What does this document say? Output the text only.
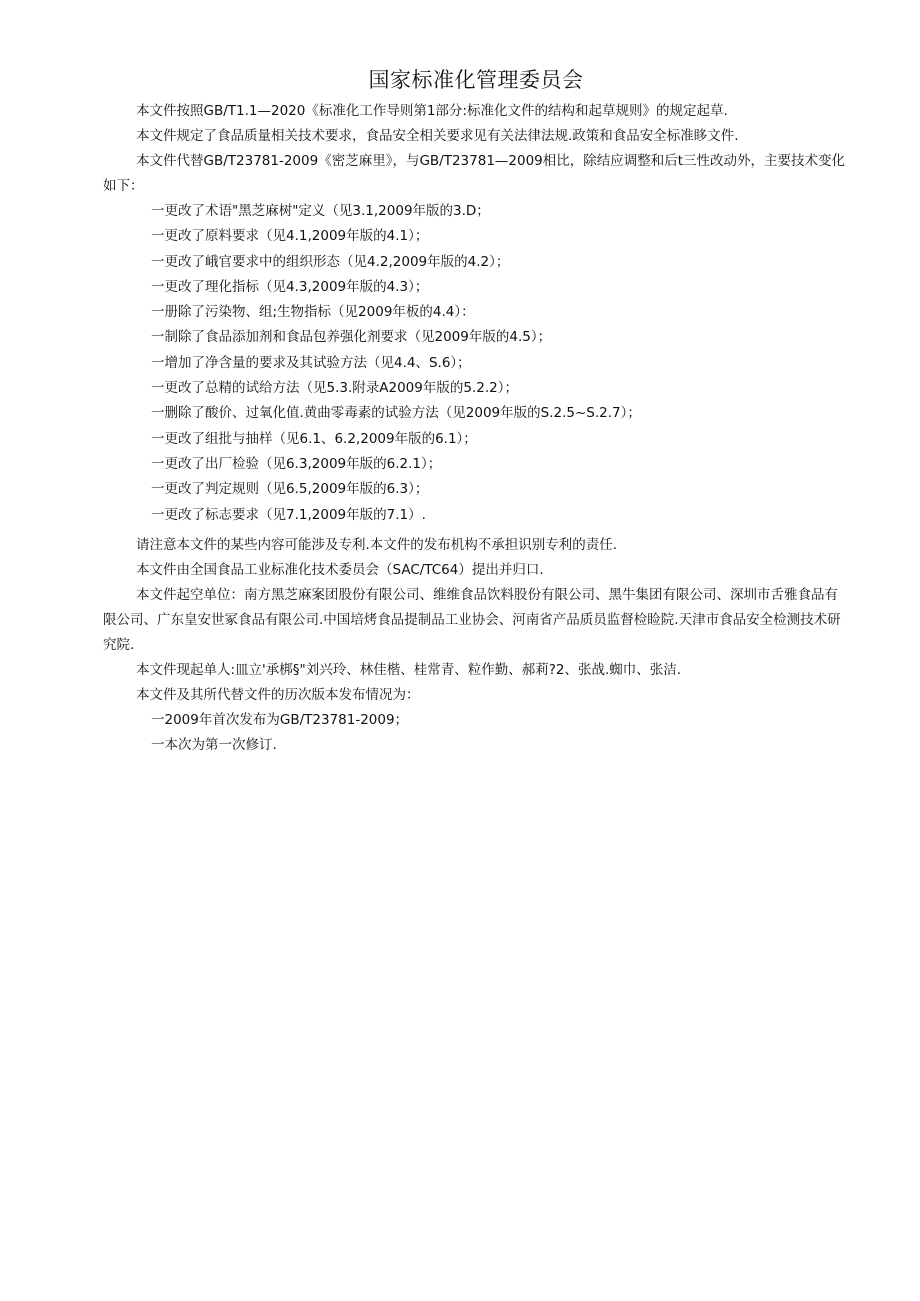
国家标准化管理委员会

本文件按照GB/T1.1—2020《标准化工作导则第1部分:标准化文件的结构和起草规则》的规定起草.

本文件规定了食品质量相关技术要求，食品安全相关要求见有关法律法规.政策和食品安全标准眵文件.

本文件代替GB/T23781-2009《密芝麻里》，与GB/T23781—2009相比，除结应调整和后t三性改动外，主要技术变化如下：

一更改了术语"黑芝麻树"定义（见3.1,2009年版的3.D；
一更改了原料要求（见4.1,2009年版的4.1）；
一更改了峨官要求中的组织形态（见4.2,2009年版的4.2）；
一更改了理化指标（见4.3,2009年版的4.3）；
一册除了污染物、组;生物指标（见2009年板的4.4）：
一制除了食品添加剂和食品包养强化剂要求（见2009年版的4.5）；
一增加了净含量的要求及其试验方法（见4.4、S.6）；
一更改了总精的试给方法（见5.3.附录A2009年版的5.2.2）；
一删除了酸价、过氧化值.黄曲零毒素的试验方法（见2009年版的S.2.5~S.2.7）；
一更改了组批与抽样（见6.1、6.2,2009年版的6.1）；
一更改了出厂检验（见6.3,2009年版的6.2.1）；
一更改了判定规则（见6.5,2009年版的6.3）；
一更改了标志要求（见7.1,2009年版的7.1）.

请注意本文件的某些内容可能涉及专利.本文件的发布机构不承担识别专利的责任.

本文件由全国食品工业标准化技术委员会（SAC/TC64）提出并归口.

本文件起空单位：南方黑芝麻案团股份有限公司、维维食品饮料股份有限公司、黑牛集团有限公司、深圳市舌雅食品有限公司、广东皇安世冢食品有限公司.中国培烤食品提制品工业协会、河南省产品质员监督检睑院.天津市食品安全检测技术研究院.

本文件现起单人:皿立'承梆§"刘兴玲、林佳楷、桂常青、粒作勤、郝莉?2、张战.蜘巾、张洁.

本文件及其所代替文件的历次版本发布情况为：

一2009年首次发布为GB/T23781-2009；
一本次为第一次修订.
